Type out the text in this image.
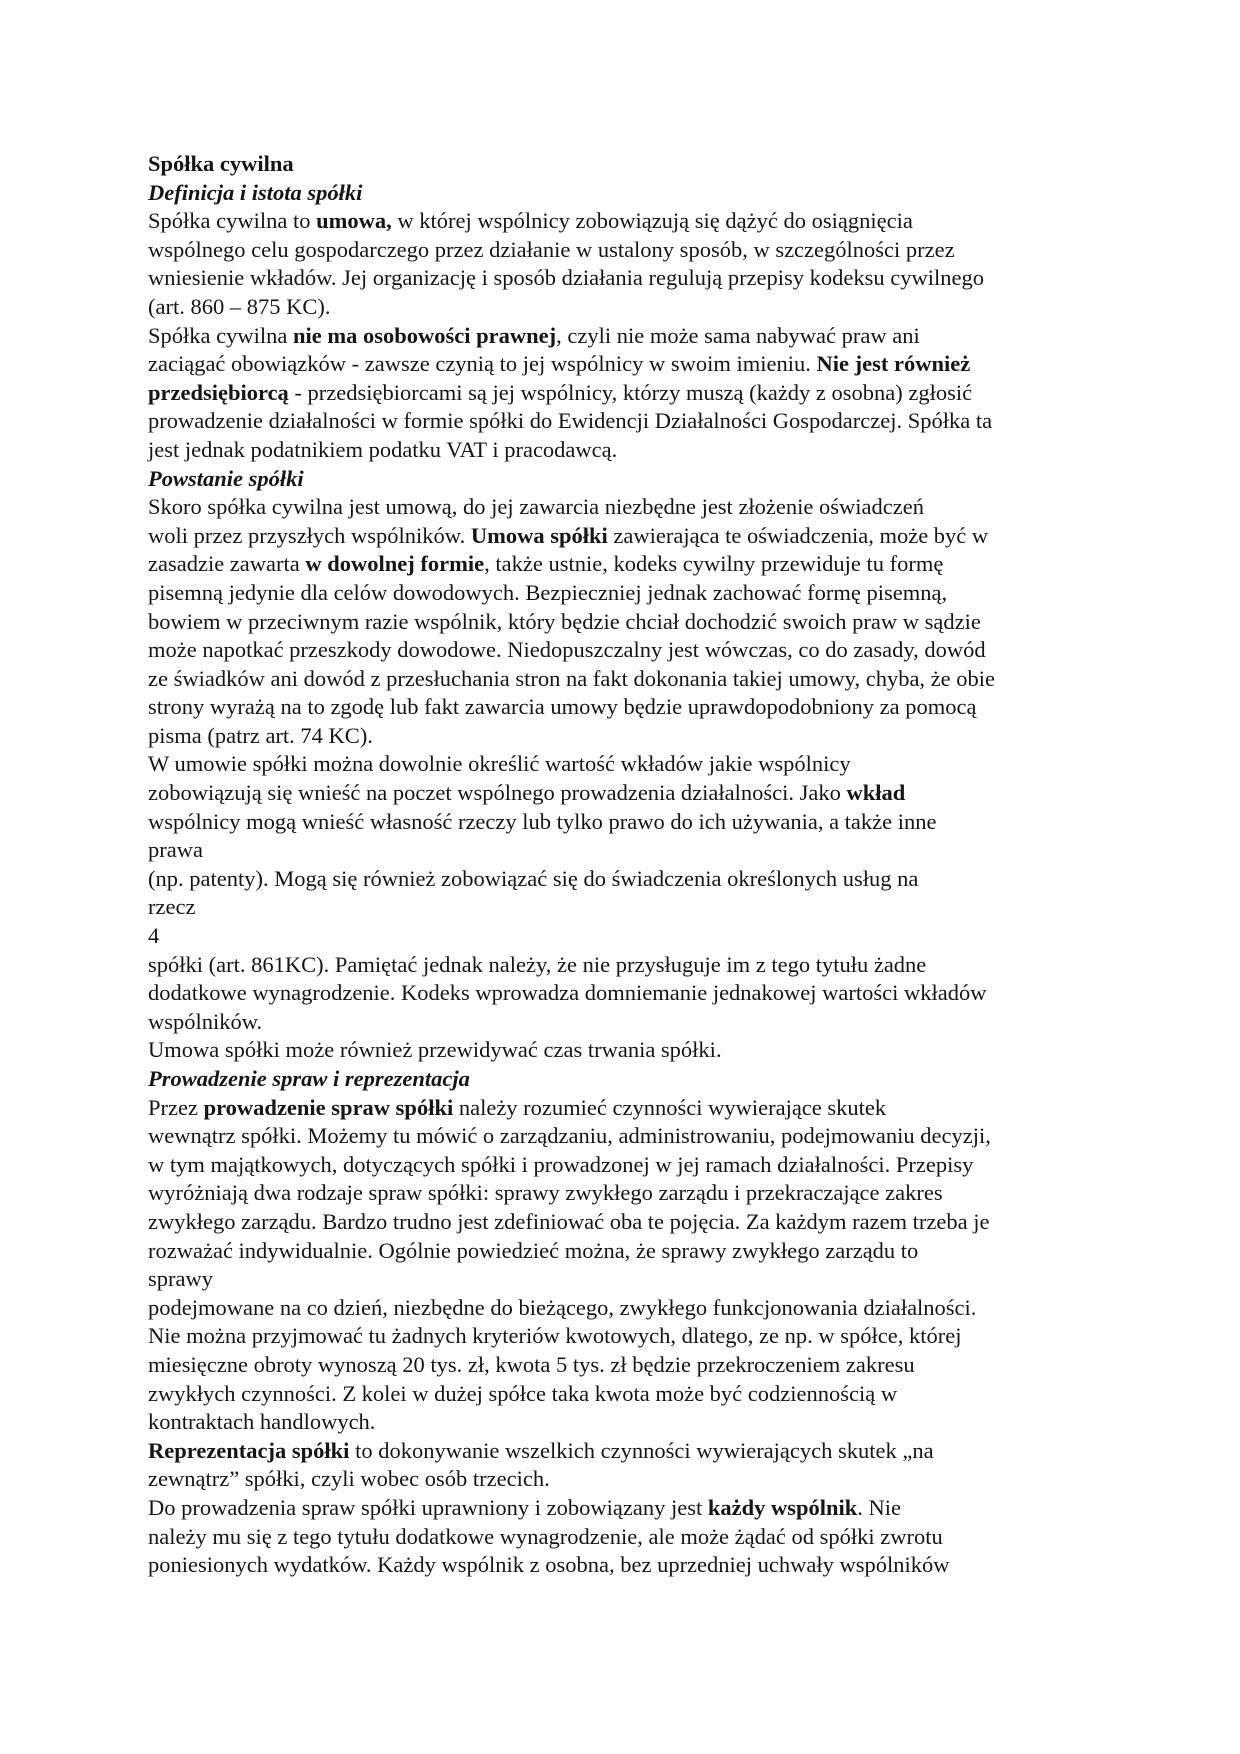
Spółka cywilna
Definicja i istota spółki
Spółka cywilna to umowa, w której wspólnicy zobowiązują się dążyć do osiągnięcia
wspólnego celu gospodarczego przez działanie w ustalony sposób, w szczególności przez
wniesienie wkładów. Jej organizację i sposób działania regulują przepisy kodeksu cywilnego
(art. 860 – 875 KC).
Spółka cywilna nie ma osobowości prawnej, czyli nie może sama nabywać praw ani
zaciągać obowiązków - zawsze czynią to jej wspólnicy w swoim imieniu. Nie jest również
przedsiębiorcą - przedsiębiorcami są jej wspólnicy, którzy muszą (każdy z osobna) zgłosić
prowadzenie działalności w formie spółki do Ewidencji Działalności Gospodarczej. Spółka ta
jest jednak podatnikiem podatku VAT i pracodawcą.
Powstanie spółki
Skoro spółka cywilna jest umową, do jej zawarcia niezbędne jest złożenie oświadczeń
woli przez przyszłych wspólników. Umowa spółki zawierająca te oświadczenia, może być w
zasadzie zawarta w dowolnej formie, także ustnie, kodeks cywilny przewiduje tu formę
pisemną jedynie dla celów dowodowych. Bezpieczniej jednak zachować formę pisemną,
bowiem w przeciwnym razie wspólnik, który będzie chciał dochodzić swoich praw w sądzie
może napotkać przeszkody dowodowe. Niedopuszczalny jest wówczas, co do zasady, dowód
ze świadków ani dowód z przesłuchania stron na fakt dokonania takiej umowy, chyba, że obie
strony wyrażą na to zgodę lub fakt zawarcia umowy będzie uprawdopodobniony za pomocą
pisma (patrz art. 74 KC).
W umowie spółki można dowolnie określić wartość wkładów jakie wspólnicy
zobowiązują się wnieść na poczet wspólnego prowadzenia działalności. Jako wkład
wspólnicy mogą wnieść własność rzeczy lub tylko prawo do ich używania, a także inne
prawa
(np. patenty). Mogą się również zobowiązać się do świadczenia określonych usług na
rzecz
4
spółki (art. 861KC). Pamiętać jednak należy, że nie przysługuje im z tego tytułu żadne
dodatkowe wynagrodzenie. Kodeks wprowadza domniemanie jednakowej wartości wkładów
wspólników.
Umowa spółki może również przewidywać czas trwania spółki.
Prowadzenie spraw i reprezentacja
Przez prowadzenie spraw spółki należy rozumieć czynności wywierające skutek
wewnątrz spółki. Możemy tu mówić o zarządzaniu, administrowaniu, podejmowaniu decyzji,
w tym majątkowych, dotyczących spółki i prowadzonej w jej ramach działalności. Przepisy
wyróżniają dwa rodzaje spraw spółki: sprawy zwykłego zarządu i przekraczające zakres
zwykłego zarządu. Bardzo trudno jest zdefiniować oba te pojęcia. Za każdym razem trzeba je
rozważać indywidualnie. Ogólnie powiedzieć można, że sprawy zwykłego zarządu to
sprawy
podejmowane na co dzień, niezbędne do bieżącego, zwykłego funkcjonowania działalności.
Nie można przyjmować tu żadnych kryteriów kwotowych, dlatego, ze np. w spółce, której
miesięczne obroty wynoszą 20 tys. zł, kwota 5 tys. zł będzie przekroczeniem zakresu
zwykłych czynności. Z kolei w dużej spółce taka kwota może być codziennością w
kontraktach handlowych.
Reprezentacja spółki to dokonywanie wszelkich czynności wywierających skutek „na
zewnątrz” spółki, czyli wobec osób trzecich.
Do prowadzenia spraw spółki uprawniony i zobowiązany jest każdy wspólnik. Nie
należy mu się z tego tytułu dodatkowe wynagrodzenie, ale może żądać od spółki zwrotu
poniesionych wydatków. Każdy wspólnik z osobna, bez uprzedniej uchwały wspólników
